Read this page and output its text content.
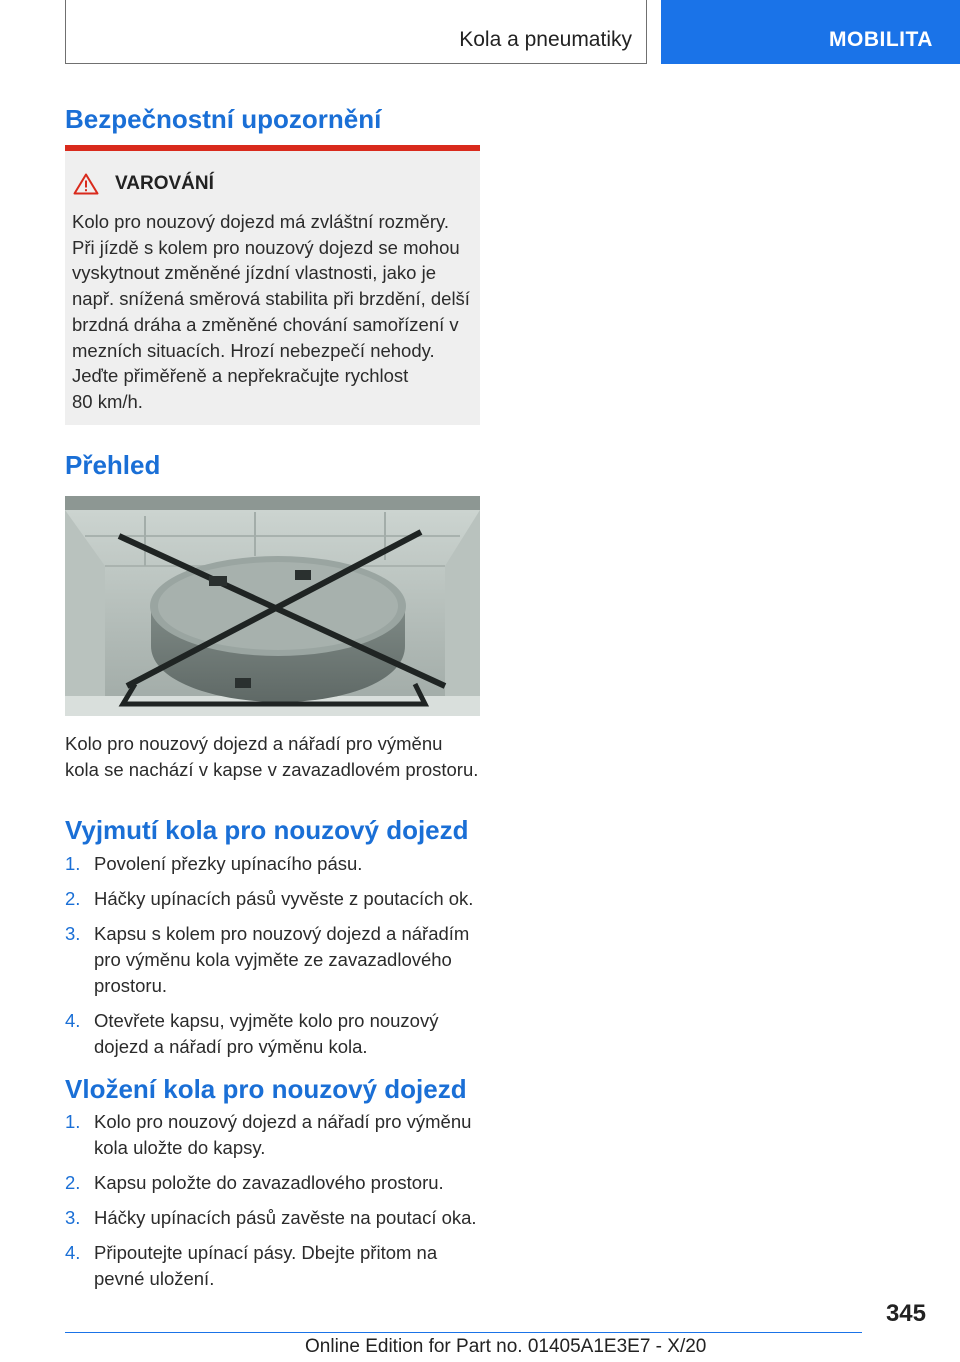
Kola a pneumatiky	MOBILITA
Bezpečnostní upozornění
VAROVÁNÍ
Kolo pro nouzový dojezd má zvláštní rozměry.
Při jízdě s kolem pro nouzový dojezd se mohou
vyskytnout změněné jízdní vlastnosti, jako je
např. snížená směrová stabilita při brzdění, delší
brzdná dráha a změněné chování samořízení v
mezních situacích. Hrozí nebezpečí nehody.
Jeďte přiměřeně a nepřekračujte rychlost
80 km/h.
Přehled
Kolo pro nouzový dojezd a nářadí pro výměnu
kola se nachází v kapse v zavazadlovém prostoru.
Vyjmutí kola pro nouzový dojezd
1. Povolení přezky upínacího pásu.
2. Háčky upínacích pásů vyvěste z poutacích ok.
3. Kapsu s kolem pro nouzový dojezd a nářadím
pro výměnu kola vyjměte ze zavazadlového
prostoru.
4. Otevřete kapsu, vyjměte kolo pro nouzový
dojezd a nářadí pro výměnu kola.
Vložení kola pro nouzový dojezd
1. Kolo pro nouzový dojezd a nářadí pro výměnu
kola uložte do kapsy.
2. Kapsu položte do zavazadlového prostoru.
3. Háčky upínacích pásů zavěste na poutací oka.
4. Připoutejte upínací pásy. Dbejte přitom na
pevné uložení.
345
Online Edition for Part no. 01405A1E3E7 - X/20
